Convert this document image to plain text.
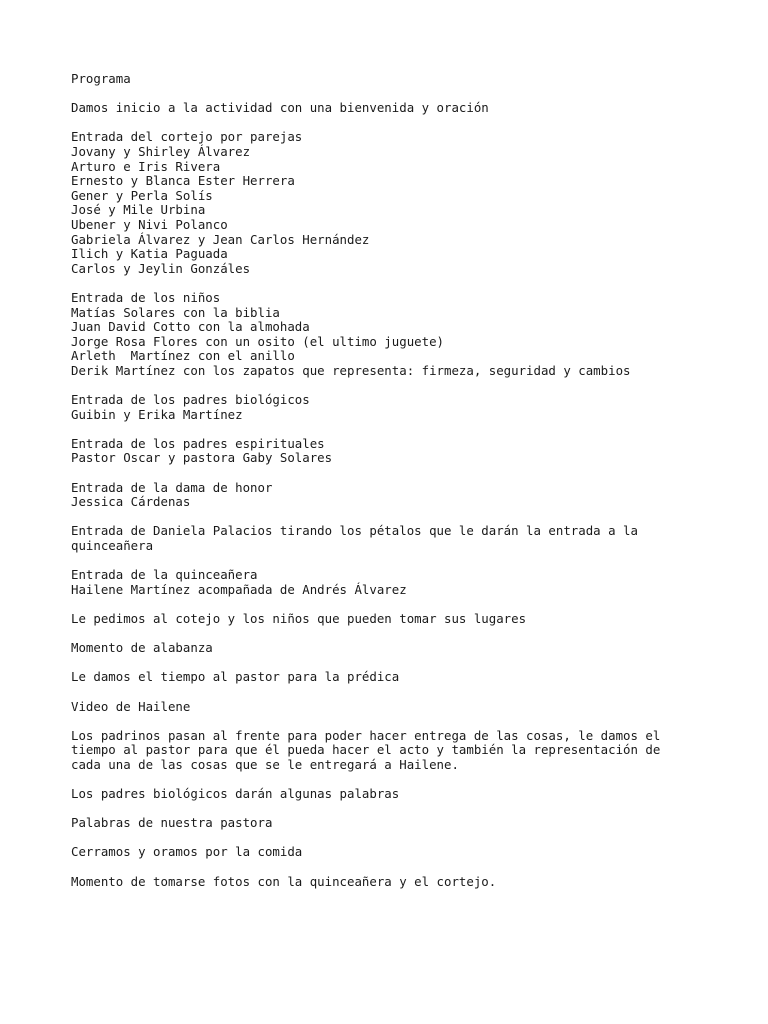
Programa
Damos inicio a la actividad con una bienvenida y oración
Entrada del cortejo por parejas
Jovany y Shirley Álvarez
Arturo e Iris Rivera
Ernesto y Blanca Ester Herrera
Gener y Perla Solís
José y Mile Urbina
Ubener y Nivi Polanco
Gabriela Álvarez y Jean Carlos Hernández
Ilich y Katia Paguada
Carlos y Jeylin Gonzáles
Entrada de los niños
Matías Solares con la biblia
Juan David Cotto con la almohada
Jorge Rosa Flores con un osito (el ultimo juguete)
Arleth  Martínez con el anillo
Derik Martínez con los zapatos que representa: firmeza, seguridad y cambios
Entrada de los padres biológicos
Guibin y Erika Martínez
Entrada de los padres espirituales
Pastor Oscar y pastora Gaby Solares
Entrada de la dama de honor
Jessica Cárdenas
Entrada de Daniela Palacios tirando los pétalos que le darán la entrada a la
quinceañera
Entrada de la quinceañera
Hailene Martínez acompañada de Andrés Álvarez
Le pedimos al cotejo y los niños que pueden tomar sus lugares
Momento de alabanza
Le damos el tiempo al pastor para la prédica
Video de Hailene
Los padrinos pasan al frente para poder hacer entrega de las cosas, le damos el
tiempo al pastor para que él pueda hacer el acto y también la representación de
cada una de las cosas que se le entregará a Hailene.
Los padres biológicos darán algunas palabras
Palabras de nuestra pastora
Cerramos y oramos por la comida
Momento de tomarse fotos con la quinceañera y el cortejo.
